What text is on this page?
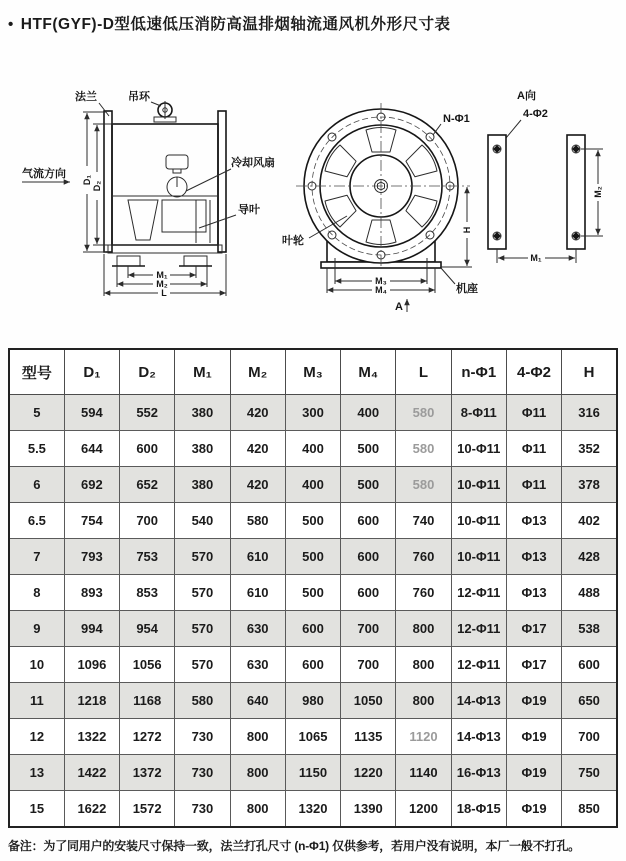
• HTF(GYF)-D型低速低压消防高温排烟轴流通风机外形尺寸表
D₁
D₂
M₁
M₂
L
法兰	吊环
气流方向
冷却风扇
导叶
H
M₃
M₄
N-Φ1
叶轮
机座
A
A向
4-Φ2
M₂
M₁
型号	D₁	D₂	M₁	M₂	M₃	M₄	L	n-Φ1	4-Φ2	H
5	594	552	380	420	300	400	580	8-Φ11	Φ11	316
5.5	644	600	380	420	400	500	580	10-Φ11	Φ11	352
6	692	652	380	420	400	500	580	10-Φ11	Φ11	378
6.5	754	700	540	580	500	600	740	10-Φ11	Φ13	402
7	793	753	570	610	500	600	760	10-Φ11	Φ13	428
8	893	853	570	610	500	600	760	12-Φ11	Φ13	488
9	994	954	570	630	600	700	800	12-Φ11	Φ17	538
10	1096	1056	570	630	600	700	800	12-Φ11	Φ17	600
11	1218	1168	580	640	980	1050	800	14-Φ13	Φ19	650
12	1322	1272	730	800	1065	1135	1120	14-Φ13	Φ19	700
13	1422	1372	730	800	1150	1220	1140	16-Φ13	Φ19	750
15	1622	1572	730	800	1320	1390	1200	18-Φ15	Φ19	850
备注：为了同用户的安装尺寸保持一致，法兰打孔尺寸 (n-Φ1) 仅供参考，若用户没有说明，本厂一般不打孔。
